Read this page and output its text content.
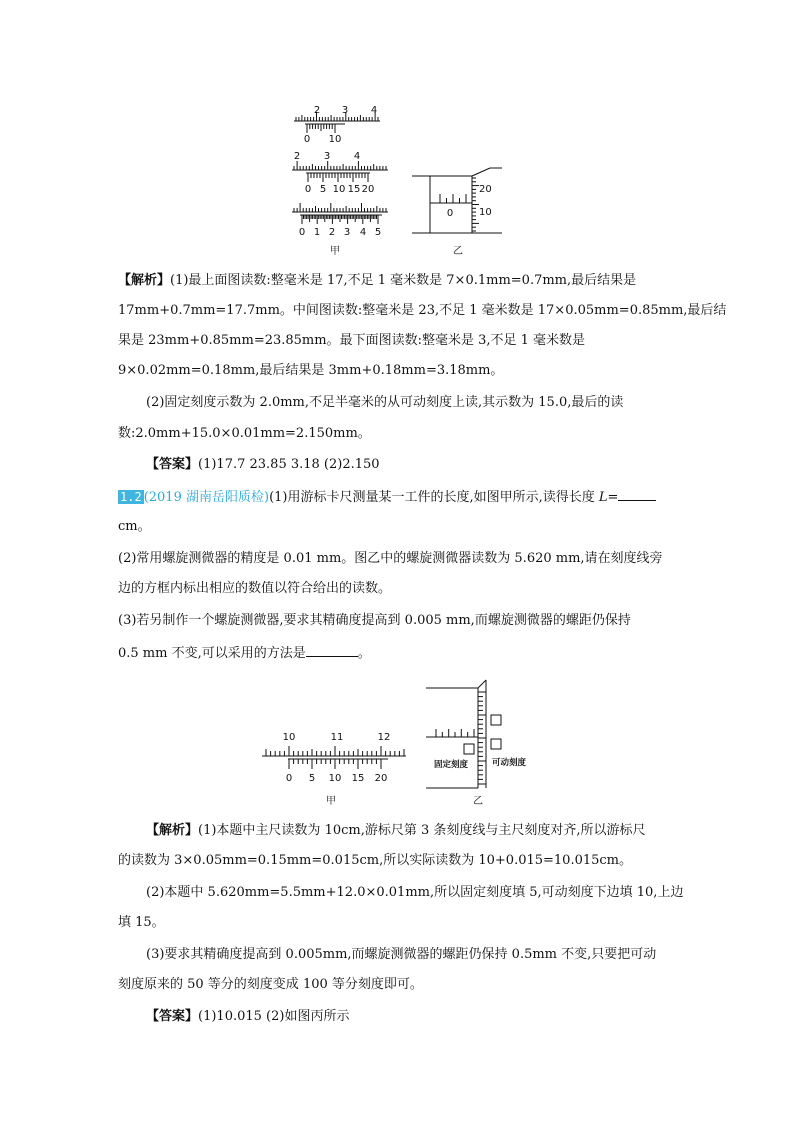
2 3 4
0 10
2 3 4
0 5 10 15 20
0 1 2 3 4 5
甲
20
10
0
乙
【解析】(1)最上面图读数:整毫米是 17,不足 1 毫米数是 7×0.1mm=0.7mm,最后结果是
17mm+0.7mm=17.7mm。中间图读数:整毫米是 23,不足 1 毫米数是 17×0.05mm=0.85mm,最后结
果是 23mm+0.85mm=23.85mm。最下面图读数:整毫米是 3,不足 1 毫米数是
9×0.02mm=0.18mm,最后结果是 3mm+0.18mm=3.18mm。
(2)固定刻度示数为 2.0mm,不足半毫米的从可动刻度上读,其示数为 15.0,最后的读
数:2.0mm+15.0×0.01mm=2.150mm。
【答案】(1)17.7 23.85 3.18 (2)2.150
1.2 (2019 湖南岳阳质检)(1)用游标卡尺测量某一工件的长度,如图甲所示,读得长度 L=
cm。
(2)常用螺旋测微器的精度是 0.01 mm。图乙中的螺旋测微器读数为 5.620 mm,请在刻度线旁
边的方框内标出相应的数值以符合给出的读数。
(3)若另制作一个螺旋测微器,要求其精确度提高到 0.005 mm,而螺旋测微器的螺距仍保持
0.5 mm 不变,可以采用的方法是	。
10	11	12
0 5 10 15 20
甲
固定刻度	可动刻度
乙
【解析】(1)本题中主尺读数为 10cm,游标尺第 3 条刻度线与主尺刻度对齐,所以游标尺
的读数为 3×0.05mm=0.15mm=0.015cm,所以实际读数为 10+0.015=10.015cm。
(2)本题中 5.620mm=5.5mm+12.0×0.01mm,所以固定刻度填 5,可动刻度下边填 10,上边
填 15。
(3)要求其精确度提高到 0.005mm,而螺旋测微器的螺距仍保持 0.5mm 不变,只要把可动
刻度原来的 50 等分的刻度变成 100 等分刻度即可。
【答案】(1)10.015 (2)如图丙所示
